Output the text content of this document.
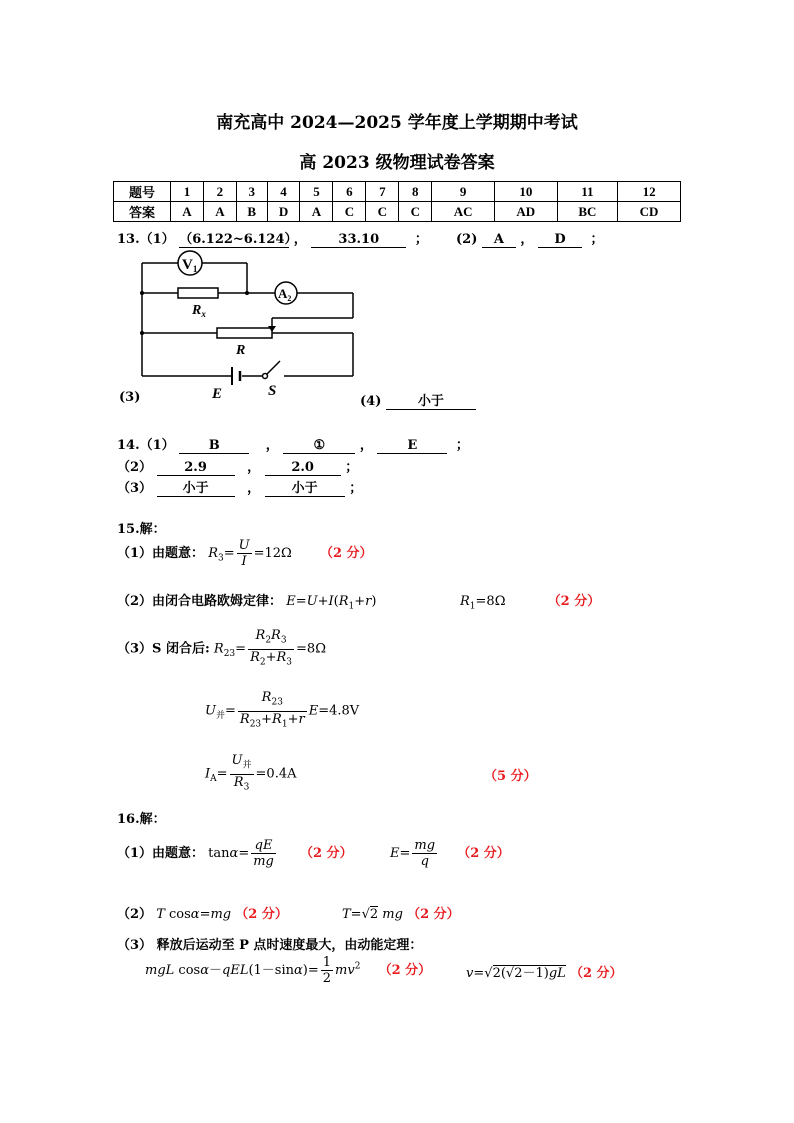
南充高中 2024—2025 学年度上学期期中考试
高 2023 级物理试卷答案
题号	1	2	3	4	5	6	7	8	9	10	11	12
答案	A	A	B	D	A	C	C	C	AC	AD	BC	CD
13.（1） （6.122~6.124） ， 33.10	； (2) A ， D ；
$V_1$
$A_2$
$R_x$
R
E	S
(3)	(4)	小于
14.（1）	B	，	①	，	E	；
（2） 2.9	， 2.0 ；
（3） 小于	， 小于 ；
15.解：
（1）由题意： $R_3= \frac{U}{I} =12\Omega$ （2 分）
（2）由闭合电路欧姆定律： $E=U+I(R_1+r)$	$R_1=8\Omega$	（2 分）
（3）S 闭合后: $R_{23}= \frac{R_2R_3}{R_2+R_3} =8\Omega$
$U_并= \frac{R_{23}}{R_{23}+R_1+r} E=4.8V$
$I_A= \frac{U_并}{R_3} =0.4A$	（5 分）
16.解：
（1）由题意： $\tan\alpha= \frac{qE}{mg} (2$ 分）	$E= \frac{mg}{q} (2$ 分）
（2） T cosα=mg （2 分）	T=√2 mg （2 分）
（3） 释放后运动至 P 点时速度最大，由动能定理：
mgL $\cos\alpha-qEL(1-\sin\alpha)= \frac{1}{2} mv^2$ （2 分）	v=√2(√2－1)gL （2 分）
